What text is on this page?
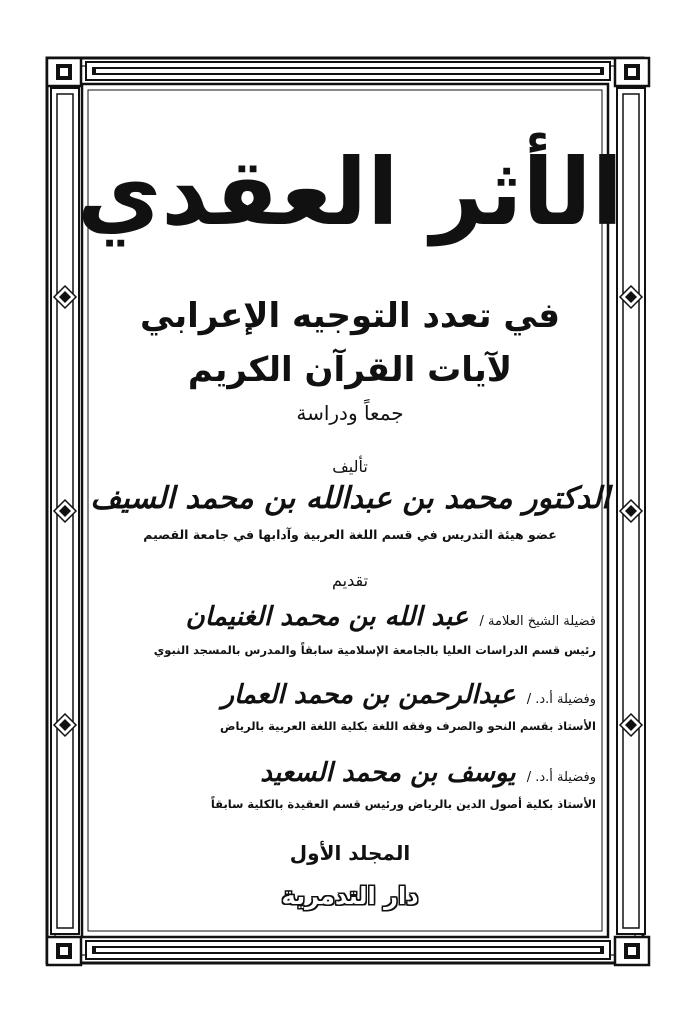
الأثر العقدي
في تعدد التوجيه الإعرابي
لآيات القرآن الكريم
جمعاً ودراسة
تأليف
الدكتور محمد بن عبدالله بن محمد السيف
عضو هيئة التدريس في قسم اللغة العربية وآدابها في جامعة القصيم
تقديم
فضيلة الشيخ العلامة / عبد الله بن محمد الغنيمان
رئيس قسم الدراسات العليا بالجامعة الإسلامية سابقاً والمدرس بالمسجد النبوي
وفضيلة أ.د. / عبدالرحمن بن محمد العمار
الأستاذ بقسم النحو والصرف وفقه اللغة بكلية اللغة العربية بالرياض
وفضيلة أ.د. / يوسف بن محمد السعيد
الأستاذ بكلية أصول الدين بالرياض ورئيس قسم العقيدة بالكلية سابقاً
المجلد الأول
دار التدمرية
